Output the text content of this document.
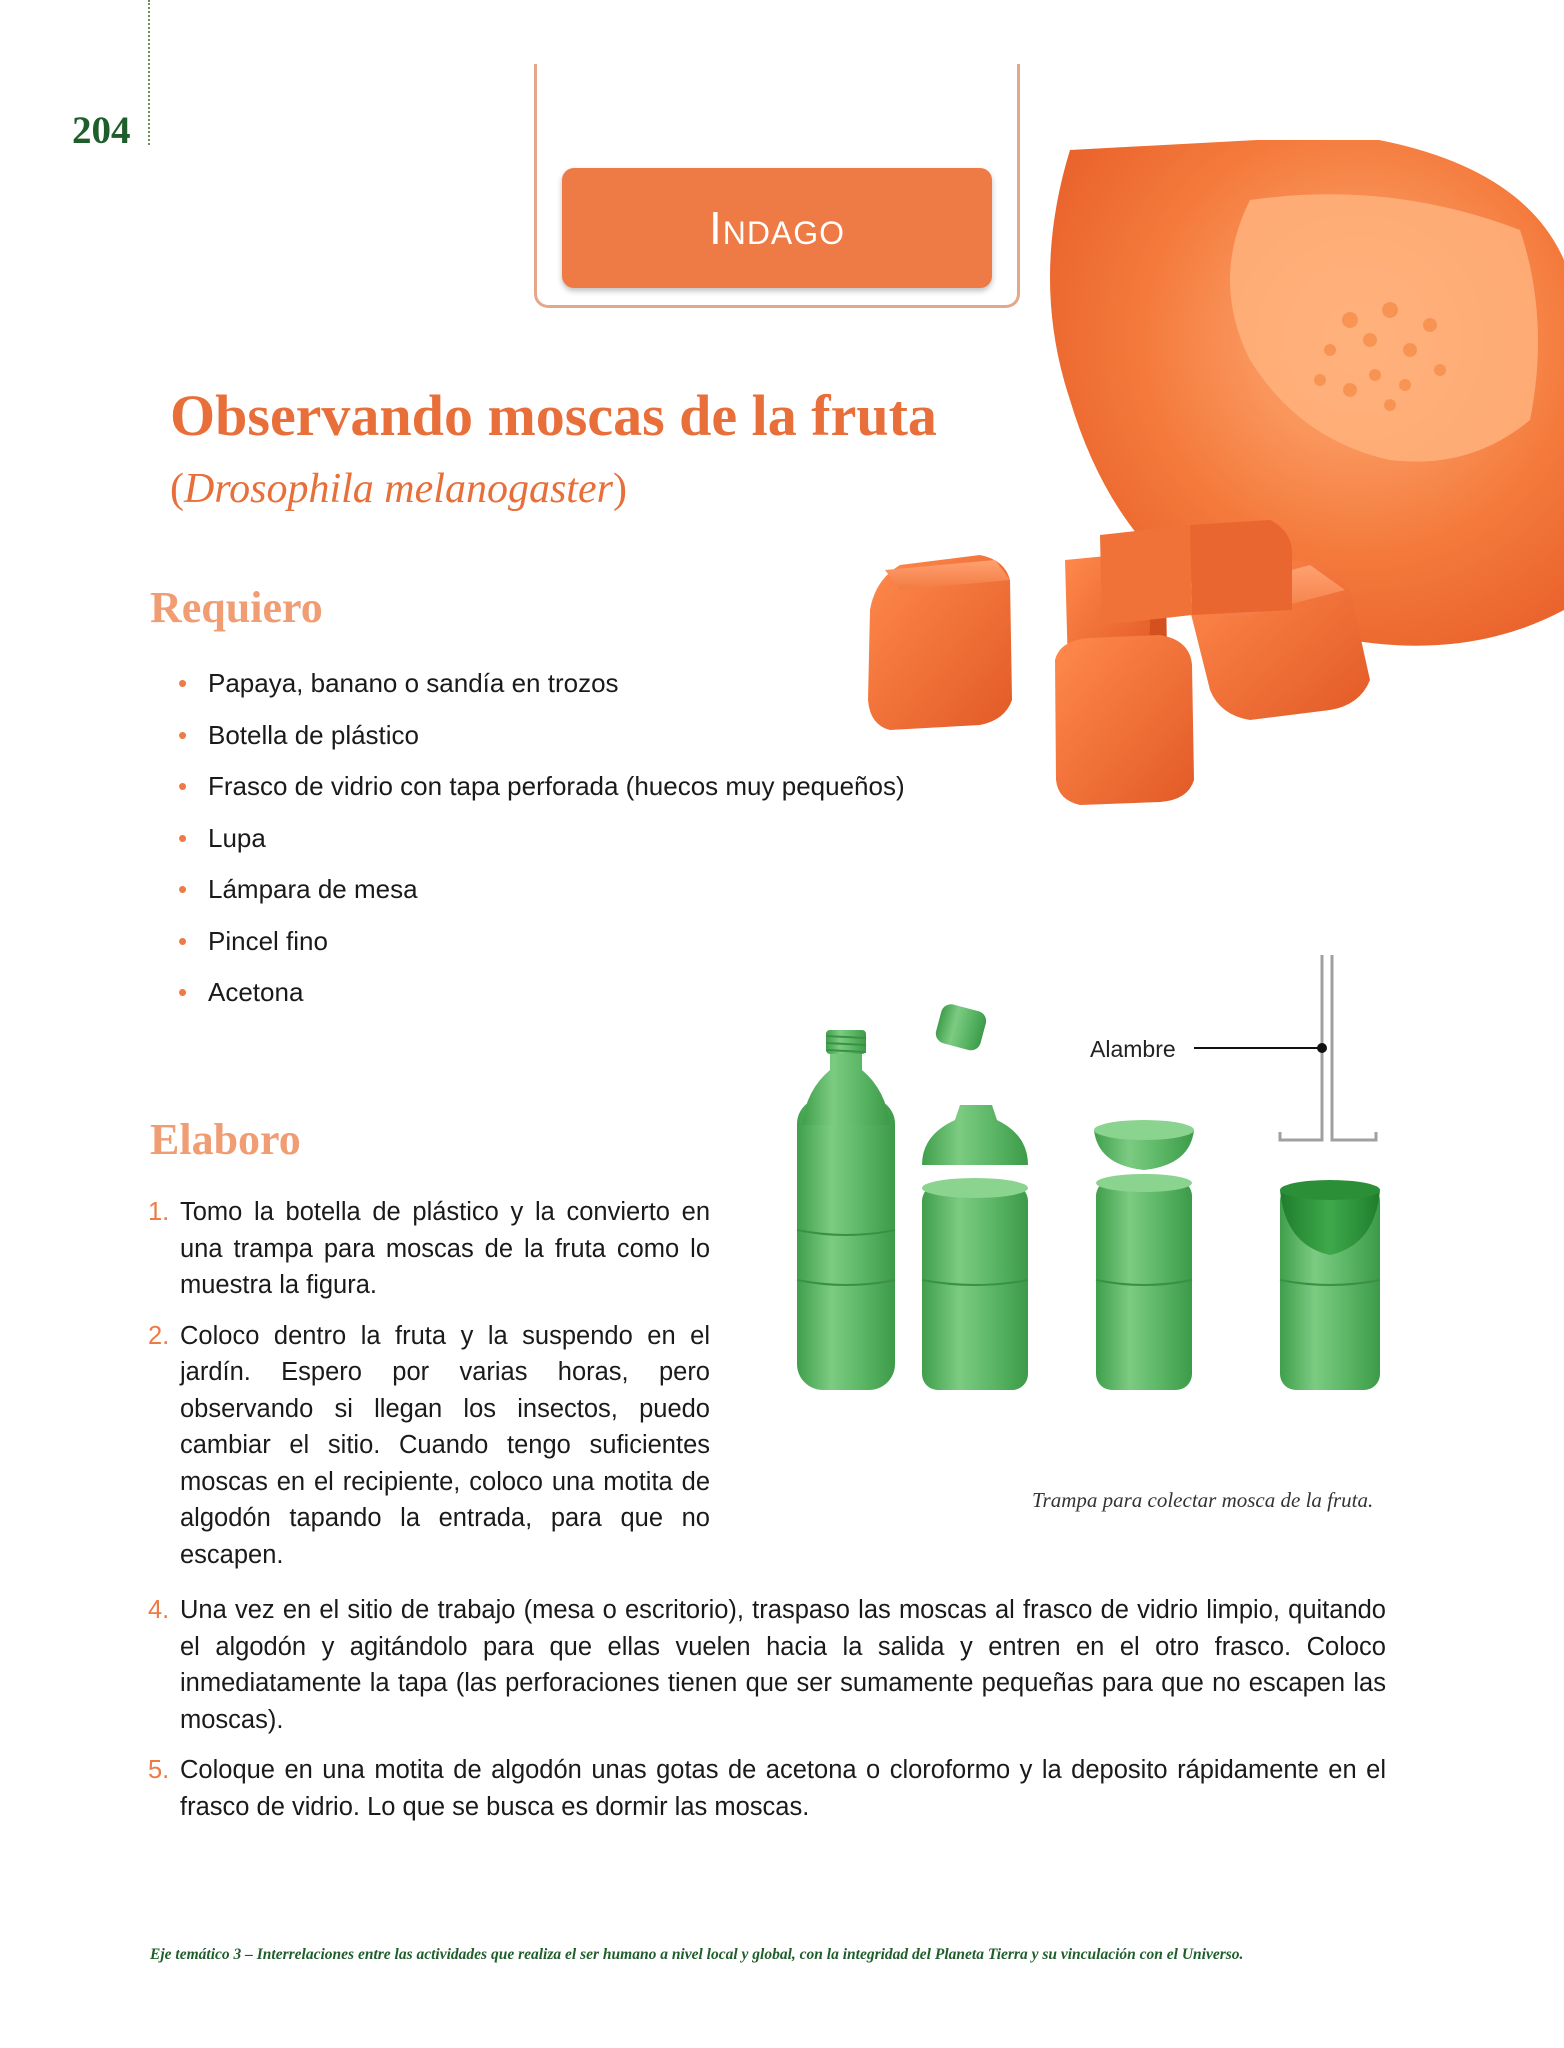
204
Indago
Observando moscas de la fruta
(Drosophila melanogaster)
Requiero
• Papaya, banano o sandía en trozos
• Botella de plástico
• Frasco de vidrio con tapa perforada (huecos muy pequeños)
• Lupa
• Lámpara de mesa
• Pincel fino
• Acetona
Elaboro
1. Tomo la botella de plástico y la convierto en una trampa para moscas de la fruta como lo muestra la figura.
2. Coloco dentro la fruta y la suspendo en el jardín. Espero por varias horas, pero observando si llegan los insectos, puedo cambiar el sitio. Cuando tengo suficientes moscas en el recipiente, coloco una motita de algodón tapando la entrada, para que no escapen.
4. Una vez en el sitio de trabajo (mesa o escritorio), traspaso las moscas al frasco de vidrio limpio, quitando el algodón y agitándolo para que ellas vuelen hacia la salida y entren en el otro frasco. Coloco inmediatamente la tapa (las perforaciones tienen que ser sumamente pequeñas para que no escapen las moscas).
5. Coloque en una motita de algodón unas gotas de acetona o cloroformo y la deposito rápidamente en el frasco de vidrio. Lo que se busca es dormir las moscas.
Alambre
Trampa para colectar mosca de la fruta.
Eje temático 3 – Interrelaciones entre las actividades que realiza el ser humano a nivel local y global, con la integridad del Planeta Tierra y su vinculación con el Universo.
